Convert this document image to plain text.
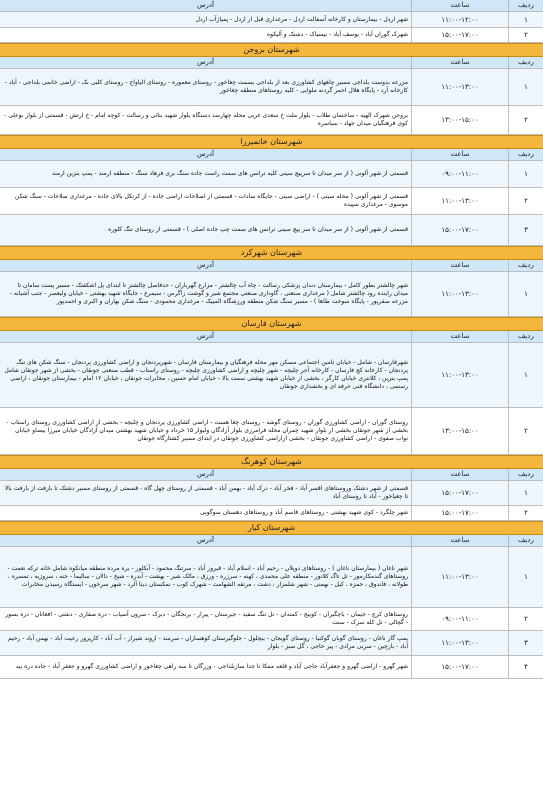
ردیف
ساعت
آدرس
۱
۱۱:۰۰-۱۲:۰۰
شهر اردل - بیمارستان و کارخانه آسفالت اردل - مرغداری قبل از اردل - پمپاژآب اردل
۲
۱۵:۰۰-۱۷:۰۰
شهرک گوران آباد - یوسف آباد - نیسیاک - دشتک و آلیکوه
شهرستان بروجن
ردیف
ساعت
آدرس
۱
۱۱:۰۰-۱۳:۰۰
مزرعه بدوست بلداجی مسیر چاههای کشاورزی بعد از بلداجی بسمت چغاخور - روستای معموره - روستای الیاواج - روستای کلبی بک - اراضی خانمی بلداجی - آباد - کارخانه آرد - پایگاه هلال احمر گردنه ملوایی - کلیه روستاهای منطقه چغاخور
۲
۱۳:۰۰-۱۵:۰۰
بروجن شهرک الهیه - ساختمان طلاب - بلوار ملت خ سعدی غربی محله چهارسد دستگاه بلوار شهید بنائی و رسالت - کوچه امام - خ ارتش - قسمتی از بلوار بوعلی - کوی فرهنگیان میدان جهاد - سیاسره
شهرستان خانمیرزا
ردیف
ساعت
آدرس
۱
۰۹:۰۰-۱۱:۰۰
قسمتی از شهر آلونی ( از سر میدان تا سرپیچ سینی کلیه ترانس های سمت راست جاده سنگ بری فرهاد سنگ - منطقه ارمند - پمپ بنزین ارمند
۲
۱۱:۰۰-۱۳:۰۰
قسمتی از شهر آلونی ( محله سینی ) - اراضی سینی - جایگاه سادات - قسمتی از اصلاحات اراضی جاده - از کرتکل بالای جاده - مرغداری صلاحات - سنگ شکن موسوی - مرغداری سپیده
۳
۱۵:۰۰-۱۷:۰۰
قسمتی از شهر آلونی ( از سر میدان تا سر پیچ سینی ترانس های سمت چپ جاده اصلی ) - قسمتی از روستای تنگ کلوره
شهرستان شهرکرد
ردیف
ساعت
آدرس
۱
۱۱:۰۰-۱۳:۰۰
شهر چالشتر بطور کامل - بیمارستان دندان پزشکی رسالت - چاه آب چالشتر - مزارع گهرباران - حدفاصل چالشتر تا ابتدای پل اشکفتک - مسیر پست سامان تا میدان راینده رود چالشتر شامل ( مرغداری صنعتی ، گاوداری صنعتی مجتمع شیر و گوشت زاگرس - سیمرغ - جایگاه شهید بهشتی - خیابان ولیعصر - جنب آشیانه - مزرعه صفرپور - پایگاه سوخت طاها ) - مسیر سنگ شکن منطقه ورزشگاه المپیک - مرغداری محمودی - سنگ شکن بهاران و اکبری و احمدپور
شهرستان فارسان
ردیف
ساعت
آدرس
۱
۱۱:۰۰-۱۳:۰۰
شهرفارسان - شامل - خیابان تامین اجتماعی مسکن مهر محله فرهنگیان و بیمارستان فارسان - شهرپردنجان و اراضی کشاورزی پردنجان - سنگ شکن های تنگ پردنجان - کارخانه کچ فارسان - کارخانه آجر چلیچه - شهر چلیچه و اراضی کشاورزی چلیچه - روستای راستاب - قطب صنعتی جونقان - بخشی از شهر جونقان شامل پمپ بنزین ، کلانتری خیابان کارگر ، بخشی از خیابان شهید بهشتی سمت بالا - خیابان امام حسین ، مخابرات جونقان ، خیابان ۱۲ امام - بیمارستان جونقان ، اراضی رستمی ، دانشگاه فنی حرفه ای و بخشداری جونقان
۲
۱۳:۰۰-۱۵:۰۰
روستای گوران - اراضی کشاورزی گوران - روستای گوشه - روستای چغا هست - اراضی کشاورزی پردنجان و چلیچه - بخشی از اراضی کشاورزی روستای راستاب - بخشی از شهر جونقان بخشی از بلوار شهید چمران محله فرامرزی بلوار آزادگان ولیوار ۱۵ خرداد و خیابان شهید بهشتی میدان آزادگان خیابان میرزا بیضاو خیابان نواب صفوی - اراضی کشاورزی جونقان - بخشی ازاراضی کشاورزی جونقان در ابتدای مسیر کشتارگاه جونقان
شهرستان کوهرنگ
ردیف
ساعت
آدرس
۱
۱۵:۰۰-۱۷:۰۰
قسمتی از شهر دشتک وروستاهای اقسر آباد - فخر آباد - درک آباد - بهمن آباد - قسمتی از روستای چهل گاه - قسمتی از روستای مسیر دشتک تا بارفت از بارفت بالا تا چغیاخور - آباد تا روستای آباد
۲
۱۵:۰۰-۱۷:۰۰
شهر چلگرد - کوی شهید بهشتی - روستاهای قاسم آباد و روستاهای دهستان سوگویی
شهرستان کیار
ردیف
ساعت
آدرس
۱
۱۱:۰۰-۱۳:۰۰
شهر ناغان ( بیمارستان ناغان ) - روستاهای دوپلان - رحیم آباد - اسلام آباد - قیروز آباد - سرتنگ محمود - آبکلور - بره مرده منطقه میانکوه شامل خانه ترکه نعمت - روستاهای گندمکارمور - تل تاگ کلانور - منطقه علی محمدی ، کهنه - سرزره - ورزق ، مالک شیر - بهشت - آبدره - شیخ - دالان - سالیما - جنه ، سروژیه ، تمسره ، طولانه ، فاندوق ، حمزه ، کیل - بهمنی - شهر شلمزار ، دشت ، مرتقه الشهامت - شهرک کوب - نمکستان دیتا آلرد - شهر سرخون - ایستگاه رسیدن مخابرات
۲
۰۹:۰۰-۱۱:۰۰
روستاهای کرچ - جیمان - باچگیران - کوبیج - کمندان - تل تنگ سفید - جیرستان - پیرار - برنجگان - دیرک - سرون آسیاب - دره صفاری - دشتی - افغانان - دره بسور - گچالی - تل کله سرک - سنت
۳
۱۱:۰۰-۱۳:۰۰
پمپ گاز ناغان - روستای گوبان گوکنیا - روستای گویجان - بیچلول - جلوگیرستان کوهسازان - سرمند - اروند شیراز - آب آباد - کارپرور رعیت آباد - بهمن آباد - رحیم آباد - بارچین - سرنی مرادی - پیر حاجی ، گل سبز - بلوار
۴
۱۵:۰۰-۱۷:۰۰
شهر گهرو - اراضی گهرو و جعفرآباد حاجی آباد و قلعه ممکا تا جدا سازبلداجی - وزرگان تا سه راهی چغاخور و اراضی کشاورزی گهرو و جعفر آباد - جاده دره بید
